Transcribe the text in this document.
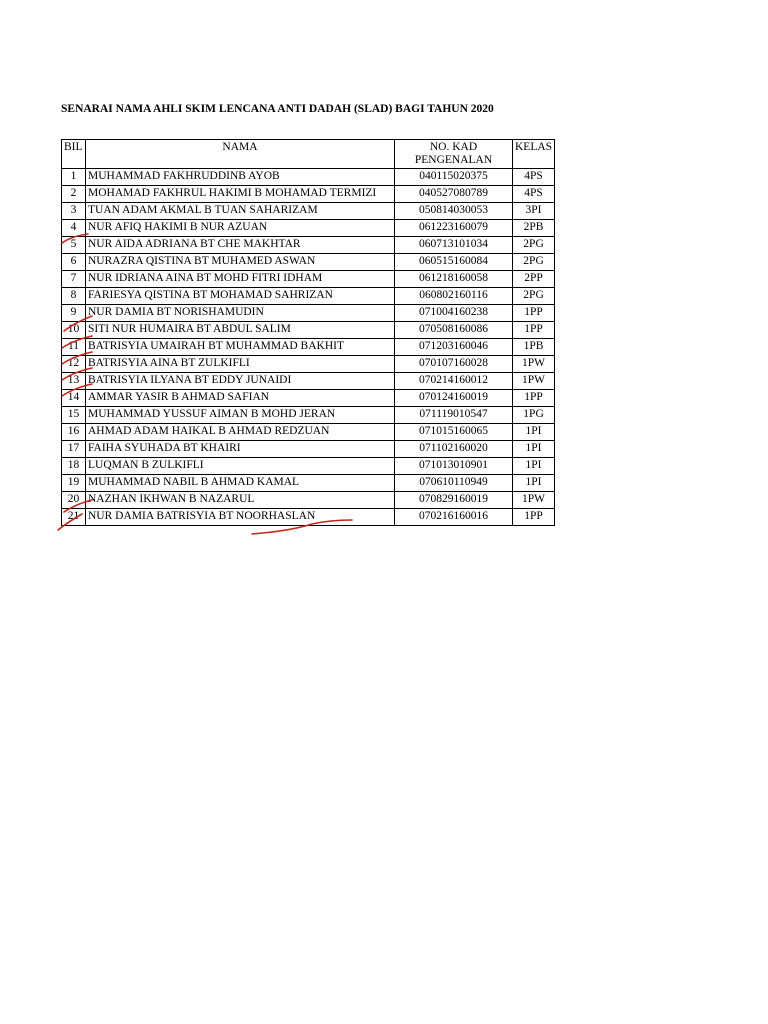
SENARAI NAMA AHLI SKIM LENCANA ANTI DADAH (SLAD) BAGI TAHUN 2020
BIL	NAMA	NO. KAD PENGENALAN	KELAS
1	MUHAMMAD FAKHRUDDINB AYOB	040115020375	4PS
2	MOHAMAD FAKHRUL HAKIMI B MOHAMAD TERMIZI	040527080789	4PS
3	TUAN ADAM AKMAL B TUAN SAHARIZAM	050814030053	3PI
4	NUR AFIQ HAKIMI B NUR AZUAN	061223160079	2PB
5	NUR AIDA ADRIANA BT CHE MAKHTAR	060713101034	2PG
6	NURAZRA QISTINA BT MUHAMED ASWAN	060515160084	2PG
7	NUR IDRIANA AINA BT MOHD FITRI IDHAM	061218160058	2PP
8	FARIESYA QISTINA BT MOHAMAD SAHRIZAN	060802160116	2PG
9	NUR DAMIA BT NORISHAMUDIN	071004160238	1PP
10	SITI NUR HUMAIRA BT ABDUL SALIM	070508160086	1PP
11	BATRISYIA UMAIRAH BT MUHAMMAD BAKHIT	071203160046	1PB
12	BATRISYIA AINA BT ZULKIFLI	070107160028	1PW
13	BATRISYIA ILYANA BT EDDY JUNAIDI	070214160012	1PW
14	AMMAR YASIR B AHMAD SAFIAN	070124160019	1PP
15	MUHAMMAD YUSSUF AIMAN B MOHD JERAN	071119010547	1PG
16	AHMAD ADAM HAIKAL B AHMAD REDZUAN	071015160065	1PI
17	FAIHA SYUHADA BT KHAIRI	071102160020	1PI
18	LUQMAN B ZULKIFLI	071013010901	1PI
19	MUHAMMAD NABIL B AHMAD KAMAL	070610110949	1PI
20	NAZHAN IKHWAN B NAZARUL	070829160019	1PW
21	NUR DAMIA BATRISYIA BT NOORHASLAN	070216160016	1PP
